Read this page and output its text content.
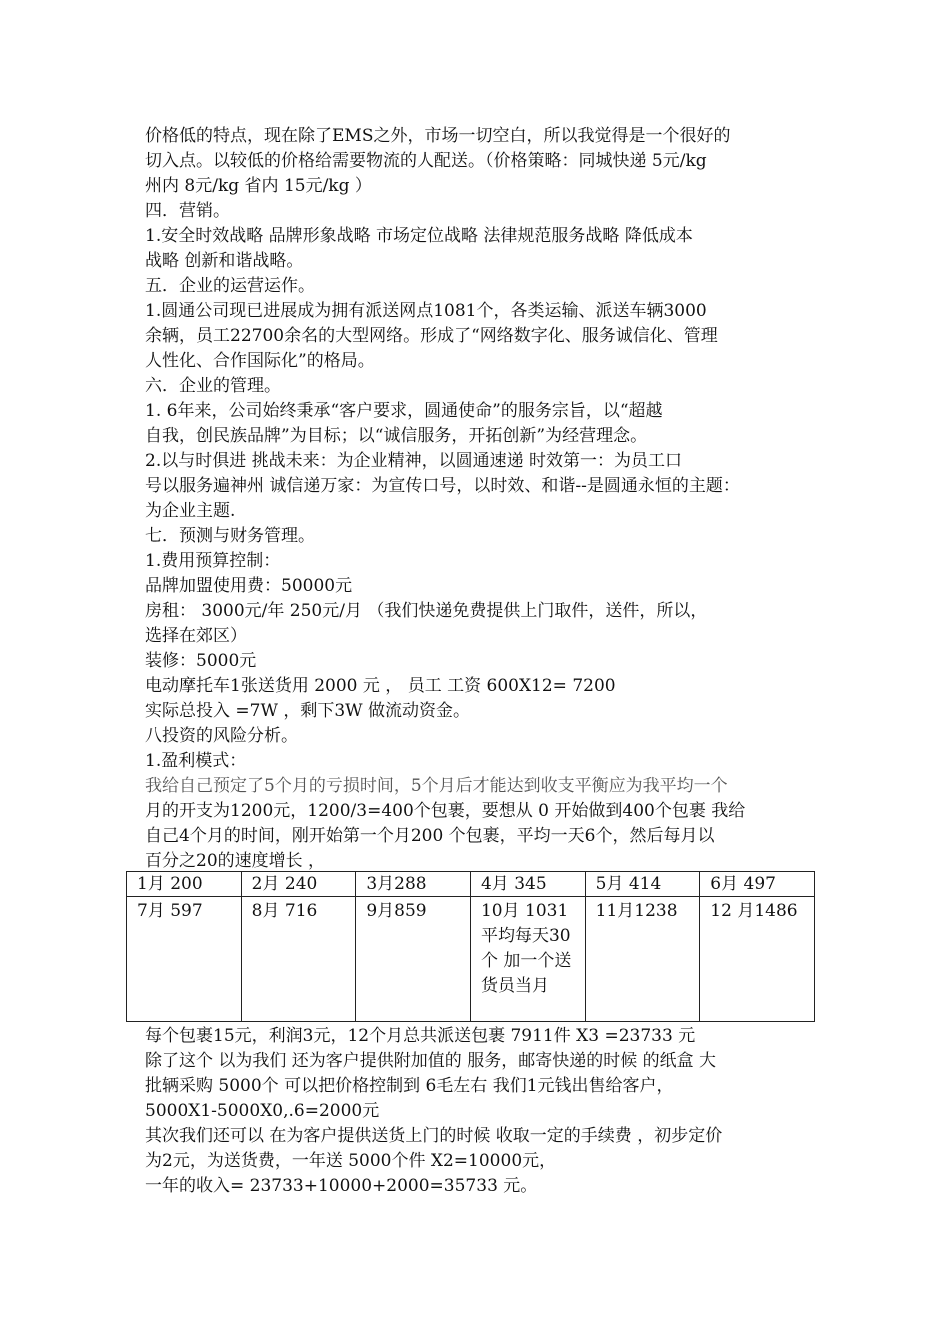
价格低的特点，现在除了EMS之外，市场一切空白，所以我觉得是一个很好的
切入点。以较低的价格给需要物流的人配送。（价格策略：同城快递 5元/kg
州内 8元/kg 省内 15元/kg ）
四．营销。
1.安全时效战略 品牌形象战略 市场定位战略 法律规范服务战略 降低成本
战略 创新和谐战略。
五．企业的运营运作。
1.圆通公司现已进展成为拥有派送网点1081个，各类运输、派送车辆3000
余辆，员工22700余名的大型网络。形成了“网络数字化、服务诚信化、管理
人性化、合作国际化”的格局。
六．企业的管理。
1. 6年来，公司始终秉承“客户要求，圆通使命”的服务宗旨，以“超越
自我，创民族品牌”为目标；以“诚信服务，开拓创新”为经营理念。
2.以与时俱进 挑战未来：为企业精神，以圆通速递 时效第一：为员工口
号以服务遍神州 诚信递万家：为宣传口号，以时效、和谐--是圆通永恒的主题：
为企业主题.
七．预测与财务管理。
1.费用预算控制：
品牌加盟使用费：50000元
房租： 3000元/年 250元/月 （我们快递免费提供上门取件，送件，所以，
选择在郊区）
装修：5000元
电动摩托车1张送货用 2000 元 ， 员工 工资 600X12= 7200
实际总投入 =7W ，剩下3W 做流动资金。
八投资的风险分析。
1.盈利模式：
我给自己预定了5个月的亏损时间，5个月后才能达到收支平衡应为我平均一个
月的开支为1200元，1200/3=400个包裹，要想从 0 开始做到400个包裹 我给
自己4个月的时间，刚开始第一个月200 个包裹，平均一天6个，然后每月以
百分之20的速度增长 ，
1月 200	2月 240	3月288	4月 345	5月 414	6月 497
7月 597	8月 716	9月859	10月 1031
平均每天30个 加一个送货员当月	11月1238	12 月1486
每个包裹15元，利润3元，12个月总共派送包裹 7911件 X3 =23733 元
除了这个 以为我们 还为客户提供附加值的 服务，邮寄快递的时候 的纸盒 大
批辆采购 5000个 可以把价格控制到 6毛左右 我们1元钱出售给客户，
5000X1-5000X0,.6=2000元
其次我们还可以 在为客户提供送货上门的时候 收取一定的手续费 ，初步定价
为2元，为送货费，一年送 5000个件 X2=10000元，
一年的收入= 23733+10000+2000=35733 元。
